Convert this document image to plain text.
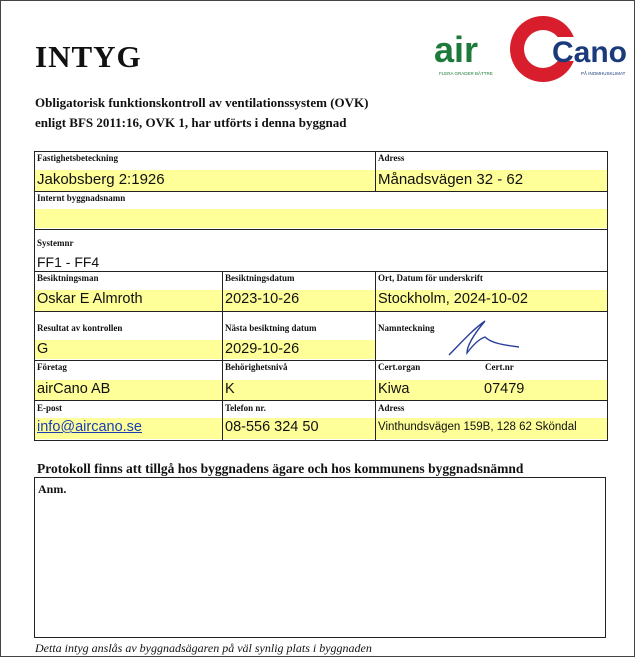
INTYG	air Cano
FLERA GRADER BÄTTRE	PÅ INOMHUSKLIMAT
Obligatorisk funktionskontroll av ventilationssystem (OVK)
enligt BFS 2011:16, OVK 1, har utförts i denna byggnad
Fastighetsbeteckning	Adress
Jakobsberg 2:1926	Månadsvägen 32 - 62
Internt byggnadsnamn
Systemnr
FF1 - FF4
Besiktningsman	Besiktningsdatum	Ort, Datum för underskrift
Oskar E Almroth	2023-10-26	Stockholm, 2024-10-02
Resultat av kontrollen	Nästa besiktning datum	Namnteckning
G	2029-10-26
Företag	Behörighetsnivå	Cert.organ	Cert.nr
airCano AB	K	Kiwa	07479
E-post	Telefon nr.	Adress
info@aircano.se	08-556 324 50	Vinthundsvägen 159B, 128 62 Sköndal
Protokoll finns att tillgå hos byggnadens ägare och hos kommunens byggnadsnämnd
Anm.
Detta intyg anslås av byggnadsägaren på väl synlig plats i byggnaden
